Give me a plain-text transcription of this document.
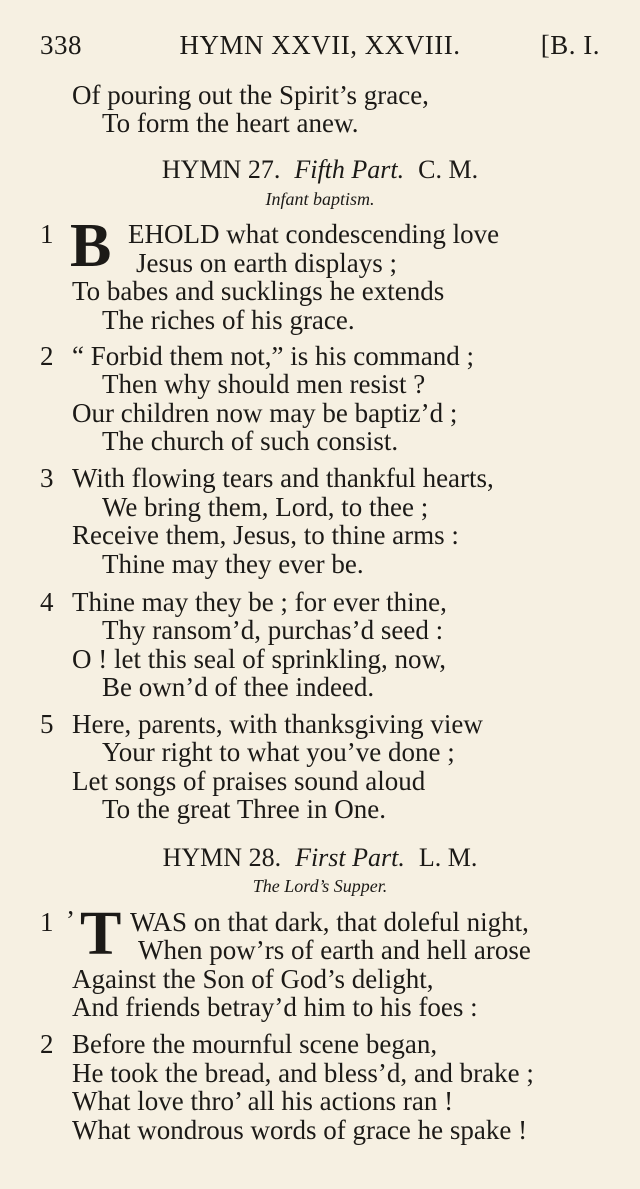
338	HYMN XXVII, XXVIII.	[B. I.
Of pouring out the Spirit’s grace,
To form the heart anew.
HYMN 27. Fifth Part. C. M.
Infant baptism.
1 B EHOLD what condescending love
Jesus on earth displays ;
To babes and sucklings he extends
The riches of his grace.
2 “ Forbid them not,” is his command ;
Then why should men resist ?
Our children now may be baptiz’d ;
The church of such consist.
3 With flowing tears and thankful hearts,
We bring them, Lord, to thee ;
Receive them, Jesus, to thine arms :
Thine may they ever be.
4 Thine may they be ; for ever thine,
Thy ransom’d, purchas’d seed :
O ! let this seal of sprinkling, now,
Be own’d of thee indeed.
5 Here, parents, with thanksgiving view
Your right to what you’ve done ;
Let songs of praises sound aloud
To the great Three in One.
HYMN 28. First Part. L. M.
The Lord’s Supper.
1 ’ T WAS on that dark, that doleful night,
When pow’rs of earth and hell arose
Against the Son of God’s delight,
And friends betray’d him to his foes :
2 Before the mournful scene began,
He took the bread, and bless’d, and brake ;
What love thro’ all his actions ran !
What wondrous words of grace he spake !
